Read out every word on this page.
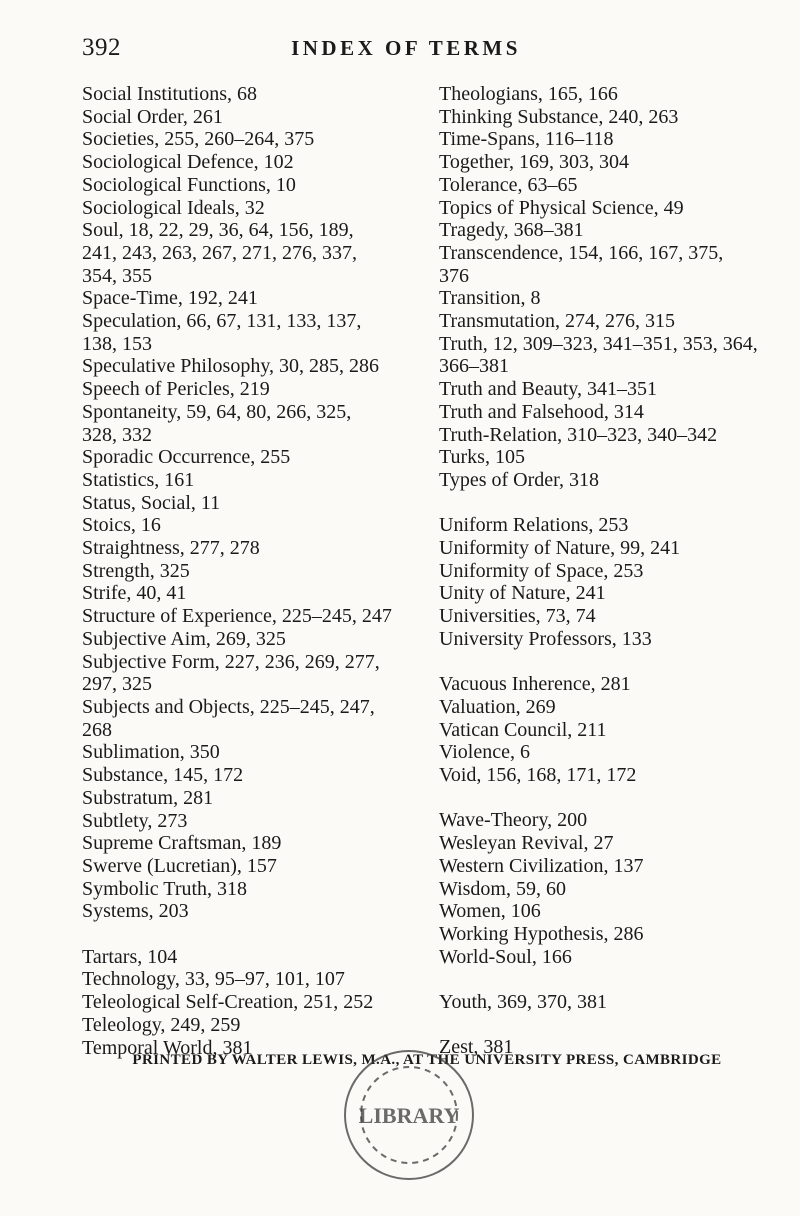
392	INDEX OF TERMS
Social Institutions, 68
Social Order, 261
Societies, 255, 260–264, 375
Sociological Defence, 102
Sociological Functions, 10
Sociological Ideals, 32
Soul, 18, 22, 29, 36, 64, 156, 189,
241, 243, 263, 267, 271, 276, 337,
354, 355
Space-Time, 192, 241
Speculation, 66, 67, 131, 133, 137,
138, 153
Speculative Philosophy, 30, 285, 286
Speech of Pericles, 219
Spontaneity, 59, 64, 80, 266, 325,
328, 332
Sporadic Occurrence, 255
Statistics, 161
Status, Social, 11
Stoics, 16
Straightness, 277, 278
Strength, 325
Strife, 40, 41
Structure of Experience, 225–245, 247
Subjective Aim, 269, 325
Subjective Form, 227, 236, 269, 277,
297, 325
Subjects and Objects, 225–245, 247,
268
Sublimation, 350
Substance, 145, 172
Substratum, 281
Subtlety, 273
Supreme Craftsman, 189
Swerve (Lucretian), 157
Symbolic Truth, 318
Systems, 203
Tartars, 104
Technology, 33, 95–97, 101, 107
Teleological Self-Creation, 251, 252
Teleology, 249, 259
Temporal World, 381
Theologians, 165, 166
Thinking Substance, 240, 263
Time-Spans, 116–118
Together, 169, 303, 304
Tolerance, 63–65
Topics of Physical Science, 49
Tragedy, 368–381
Transcendence, 154, 166, 167, 375,
376
Transition, 8
Transmutation, 274, 276, 315
Truth, 12, 309–323, 341–351, 353, 364,
366–381
Truth and Beauty, 341–351
Truth and Falsehood, 314
Truth-Relation, 310–323, 340–342
Turks, 105
Types of Order, 318
Uniform Relations, 253
Uniformity of Nature, 99, 241
Uniformity of Space, 253
Unity of Nature, 241
Universities, 73, 74
University Professors, 133
Vacuous Inherence, 281
Valuation, 269
Vatican Council, 211
Violence, 6
Void, 156, 168, 171, 172
Wave-Theory, 200
Wesleyan Revival, 27
Western Civilization, 137
Wisdom, 59, 60
Women, 106
Working Hypothesis, 286
World-Soul, 166
Youth, 369, 370, 381
Zest, 381
PRINTED BY WALTER LEWIS, M.A., AT THE UNIVERSITY PRESS, CAMBRIDGE
LIBRARY
